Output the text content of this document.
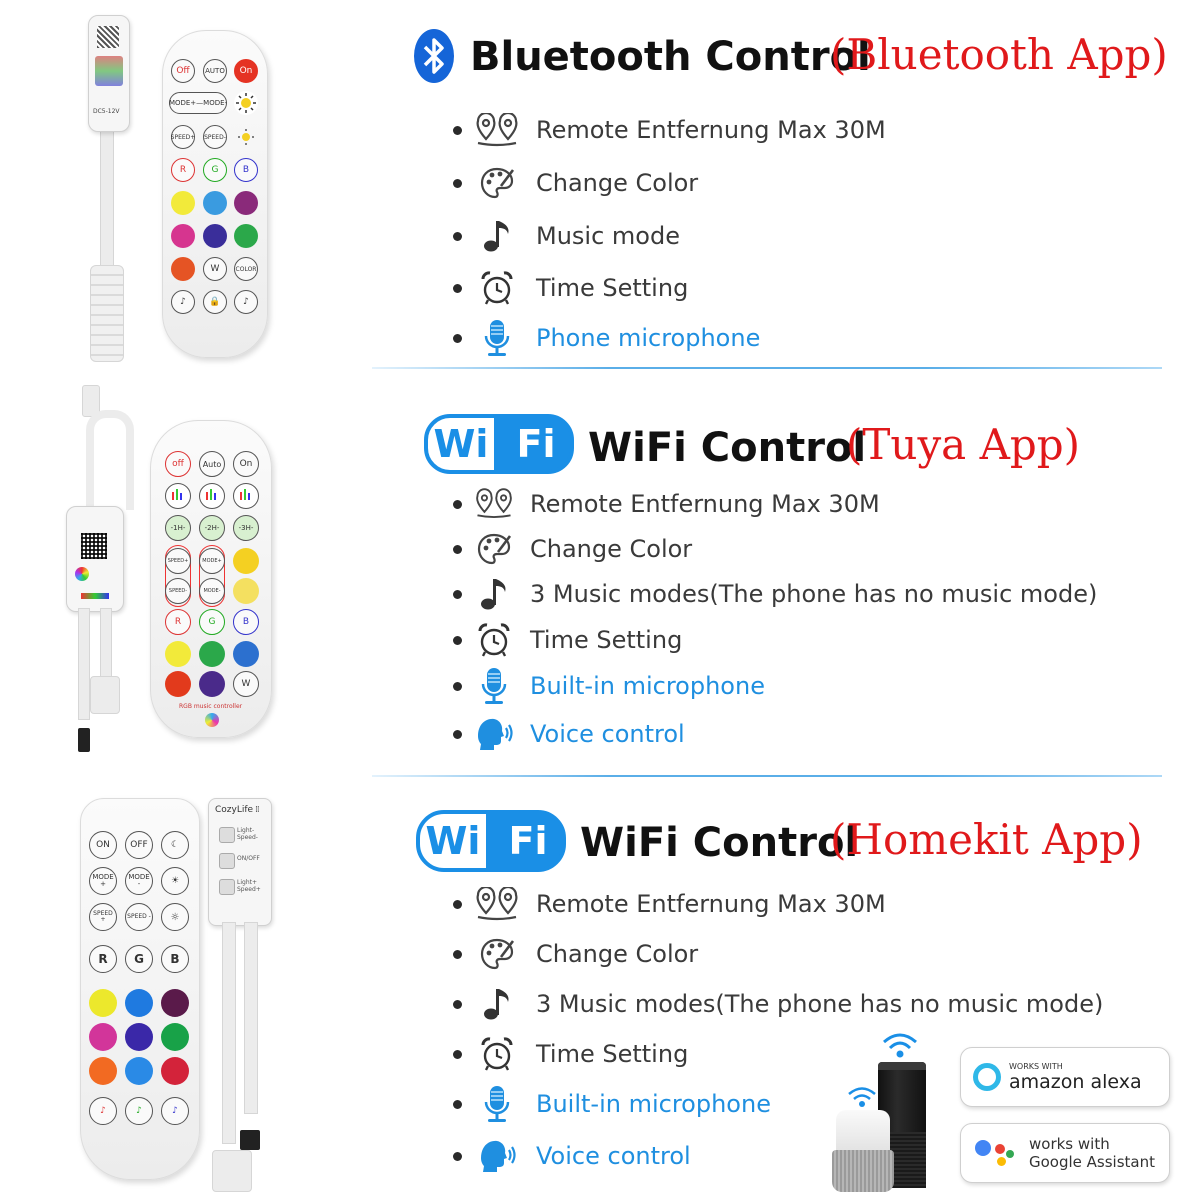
DC5-12V
Off	AUTO	On
MODE+ — MODE-
SPEED+ SPEED-
R	G	B
W	COLOR
♪	🔒	♪
Bluetooth Control
(Bluetooth App)
Remote Entfernung Max 30M
Change Color
Music mode
Time Setting
Phone microphone
off	Auto	On
-1H-	-2H-	-3H-
SPEED+	MODE+
SPEED-	MODE-
R	G	B
W
RGB music controller
Wi Fi WiFi Control
(Tuya App)
Remote Entfernung Max 30M
Change Color
3 Music modes(The phone has no music mode)
Time Setting
Built-in microphone
Voice control
ON	OFF	☾
MODE +
MODE -	☀
SPEED +	SPEED -	☼
R	G	B
♪	♪	♪
CozyLife ⁞⁞
Light-
Speed-
ON/OFF
Light+
Speed+
Wi Fi WiFi Control
(Homekit App)
Remote Entfernung Max 30M
Change Color
3 Music modes(The phone has no music mode)
Time Setting
Built-in microphone
Voice control
WORKS WITH
amazon alexa
works with
Google Assistant
